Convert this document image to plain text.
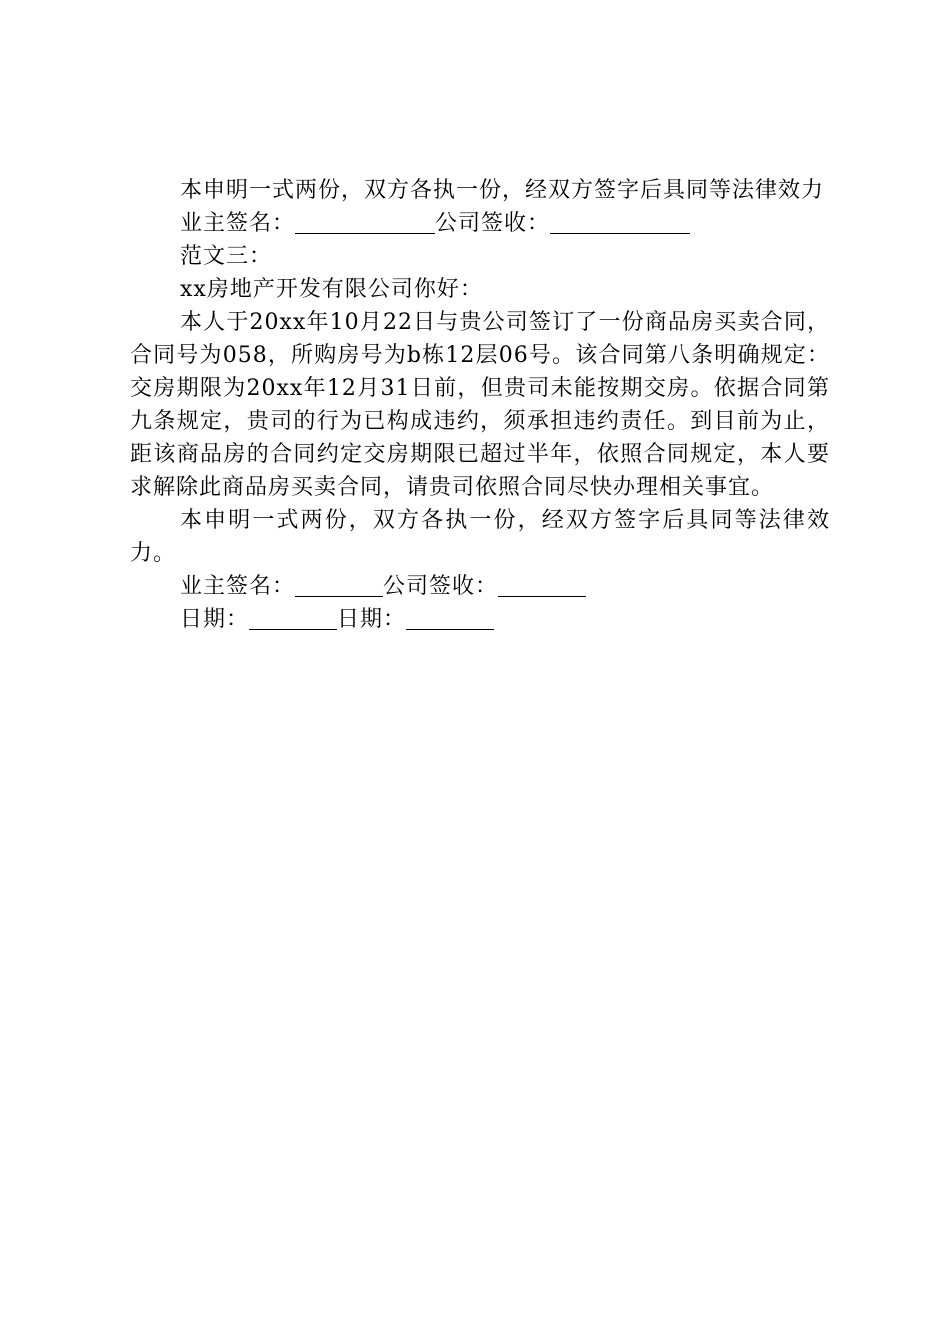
本申明一式两份，双方各执一份，经双方签字后具同等法律效力

业主签名：	公司签收：

范文三：

xx房地产开发有限公司你好：

本人于20xx年10月22日与贵公司签订了一份商品房买卖合同，合同号为058，所购房号为b栋12层06号。该合同第八条明确规定：交房期限为20xx年12月31日前，但贵司未能按期交房。依据合同第九条规定，贵司的行为已构成违约，须承担违约责任。到目前为止，距该商品房的合同约定交房期限已超过半年，依照合同规定，本人要求解除此商品房买卖合同，请贵司依照合同尽快办理相关事宜。

本申明一式两份，双方各执一份，经双方签字后具同等法律效力。

业主签名：	公司签收：

日期：	日期：
